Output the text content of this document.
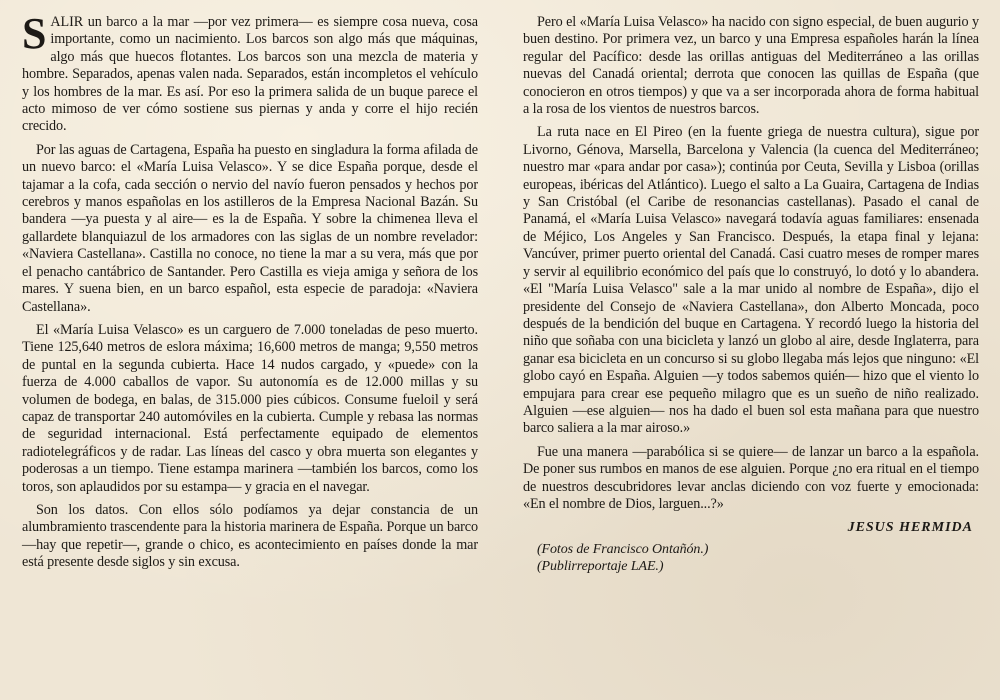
SALIR un barco a la mar —por vez primera— es siempre cosa nueva, cosa importante, como un nacimiento. Los barcos son algo más que máquinas, algo más que huecos flotantes. Los barcos son una mezcla de materia y hombre. Separados, apenas valen nada. Separados, están incompletos el vehículo y los hombres de la mar. Es así. Por eso la primera salida de un buque parece el acto mimoso de ver cómo sostiene sus piernas y anda y corre el hijo recién crecido.

Por las aguas de Cartagena, España ha puesto en singladura la forma afilada de un nuevo barco: el «María Luisa Velasco». Y se dice España porque, desde el tajamar a la cofa, cada sección o nervio del navío fueron pensados y hechos por cerebros y manos españolas en los astilleros de la Empresa Nacional Bazán. Su bandera —ya puesta y al aire— es la de España. Y sobre la chimenea lleva el gallardete blanquiazul de los armadores con las siglas de un nombre revelador: «Naviera Castellana». Castilla no conoce, no tiene la mar a su vera, más que por el penacho cantábrico de Santander. Pero Castilla es vieja amiga y señora de los mares. Y suena bien, en un barco español, esta especie de paradoja: «Naviera Castellana».

El «María Luisa Velasco» es un carguero de 7.000 toneladas de peso muerto. Tiene 125,640 metros de eslora máxima; 16,600 metros de manga; 9,550 metros de puntal en la segunda cubierta. Hace 14 nudos cargado, y «puede» con la fuerza de 4.000 caballos de vapor. Su autonomía es de 12.000 millas y su volumen de bodega, en balas, de 315.000 pies cúbicos. Consume fueloil y será capaz de transportar 240 automóviles en la cubierta. Cumple y rebasa las normas de seguridad internacional. Está perfectamente equipado de elementos radiotelegráficos y de radar. Las líneas del casco y obra muerta son elegantes y poderosas a un tiempo. Tiene estampa marinera —también los barcos, como los toros, son aplaudidos por su estampa— y gracia en el navegar.

Son los datos. Con ellos sólo podíamos ya dejar constancia de un alumbramiento trascendente para la historia marinera de España. Porque un barco —hay que repetir—, grande o chico, es acontecimiento en países donde la mar está presente desde siglos y sin excusa.

Pero el «María Luisa Velasco» ha nacido con signo especial, de buen augurio y buen destino. Por primera vez, un barco y una Empresa españoles harán la línea regular del Pacífico: desde las orillas antiguas del Mediterráneo a las orillas nuevas del Canadá oriental; derrota que conocen las quillas de España (que conocieron en otros tiempos) y que va a ser incorporada ahora de forma habitual a la rosa de los vientos de nuestros barcos.

La ruta nace en El Pireo (en la fuente griega de nuestra cultura), sigue por Livorno, Génova, Marsella, Barcelona y Valencia (la cuenca del Mediterráneo; nuestro mar «para andar por casa»); continúa por Ceuta, Sevilla y Lisboa (orillas europeas, ibéricas del Atlántico). Luego el salto a La Guaira, Cartagena de Indias y San Cristóbal (el Caribe de resonancias castellanas). Pasado el canal de Panamá, el «María Luisa Velasco» navegará todavía aguas familiares: ensenada de Méjico, Los Angeles y San Francisco. Después, la etapa final y lejana: Vancúver, primer puerto oriental del Canadá. Casi cuatro meses de romper mares y servir al equilibrio económico del país que lo construyó, lo dotó y lo abandera. «El "María Luisa Velasco" sale a la mar unido al nombre de España», dijo el presidente del Consejo de «Naviera Castellana», don Alberto Moncada, poco después de la bendición del buque en Cartagena. Y recordó luego la historia del niño que soñaba con una bicicleta y lanzó un globo al aire, desde Inglaterra, para ganar esa bicicleta en un concurso si su globo llegaba más lejos que ninguno: «El globo cayó en España. Alguien —y todos sabemos quién— hizo que el viento lo empujara para crear ese pequeño milagro que es un sueño de niño realizado. Alguien —ese alguien— nos ha dado el buen sol esta mañana para que nuestro barco saliera a la mar airoso.»

Fue una manera —parabólica si se quiere— de lanzar un barco a la española. De poner sus rumbos en manos de ese alguien. Porque ¿no era ritual en el tiempo de nuestros descubridores levar anclas diciendo con voz fuerte y emocionada: «En el nombre de Dios, larguen...?»

JESUS HERMIDA
(Fotos de Francisco Ontañón.)
(Publirreportaje LAE.)
